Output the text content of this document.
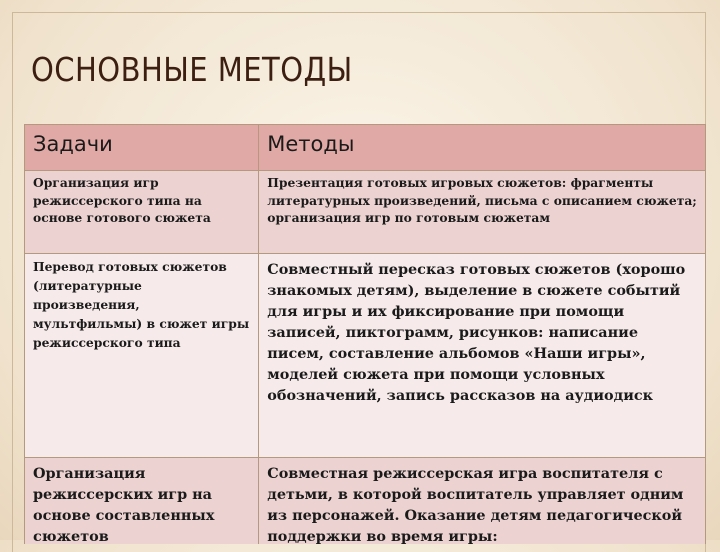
ОСНОВНЫЕ МЕТОДЫ
Задачи	Методы

Организация игр режиссерского типа на основе готового сюжета	Презентация готовых игровых сюжетов: фрагменты литературных произведений, письма с описанием сюжета; организация игр по готовым сюжетам

Перевод готовых сюжетов (литературные произведения, мультфильмы) в сюжет игры режиссерского типа	Совместный пересказ готовых сюжетов (хорошо знакомых детям), выделение в сюжете событий для игры и их фиксирование при помощи записей, пиктограмм, рисунков: написание писем, составление альбомов «Наши игры», моделей сюжета при помощи условных обозначений, запись рассказов на аудиодиск

Организация режиссерских игр на основе составленных сюжетов	Совместная режиссерская игра воспитателя с детьми, в которой воспитатель управляет одним из персонажей. Оказание детям педагогической поддержки во время игры:
